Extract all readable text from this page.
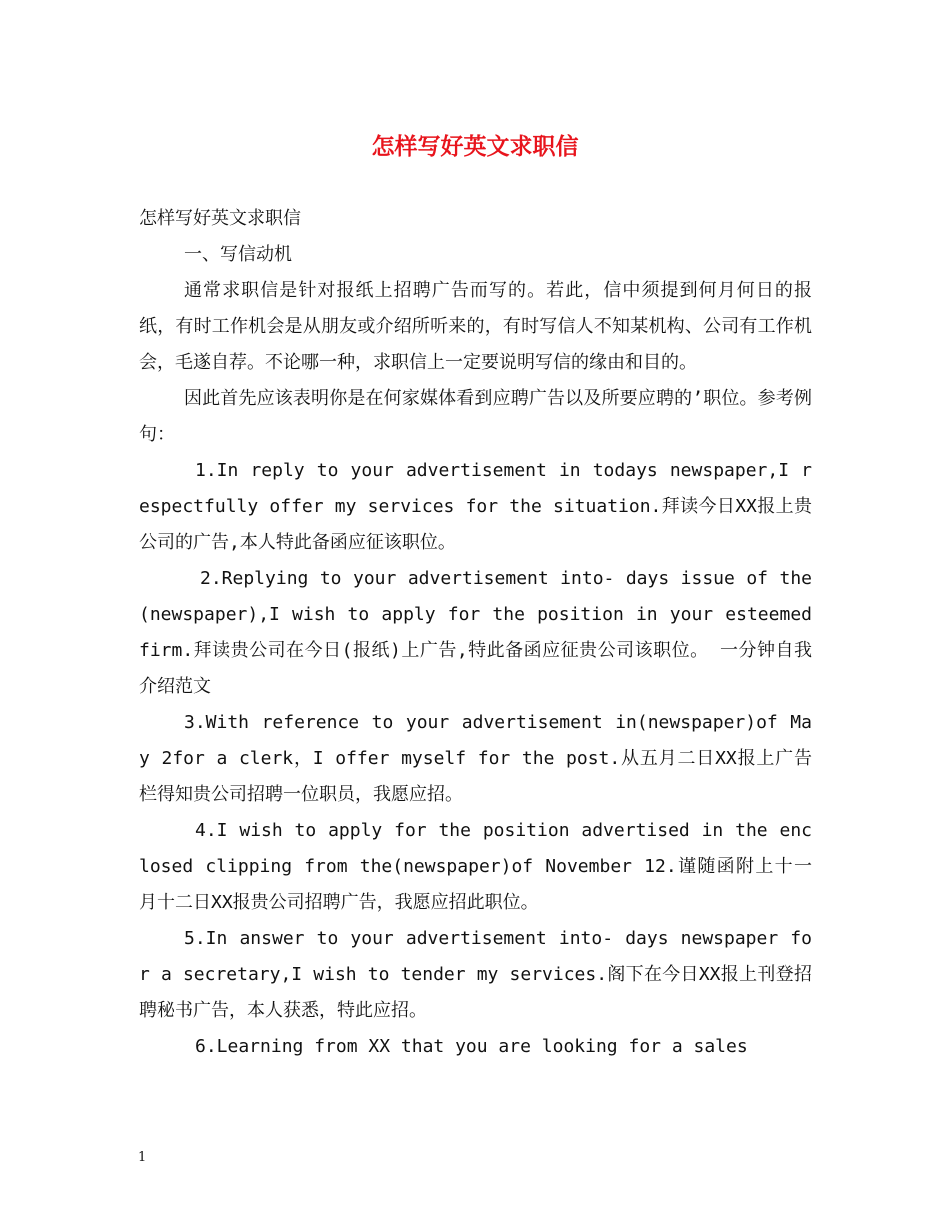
怎样写好英文求职信

怎样写好英文求职信

一、写信动机

通常求职信是针对报纸上招聘广告而写的。若此，信中须提到何月何日的报纸，有时工作机会是从朋友或介绍所听来的，有时写信人不知某机构、公司有工作机会，毛遂自荐。不论哪一种，求职信上一定要说明写信的缘由和目的。

因此首先应该表明你是在何家媒体看到应聘广告以及所要应聘的’职位。参考例句：

1.In reply to your advertisement in todays newspaper,I respectfully offer my services for the situation.拜读今日XX报上贵公司的广告,本人特此备函应征该职位。

2.Replying to your advertisement into- days issue of the(newspaper),I wish to apply for the position in your esteemed firm.拜读贵公司在今日(报纸)上广告,特此备函应征贵公司该职位。 一分钟自我介绍范文

3.With reference to your advertisement in(newspaper)of May 2for a clerk，I offer myself for the post.从五月二日XX报上广告栏得知贵公司招聘一位职员，我愿应招。

4.I wish to apply for the position advertised in the enclosed clipping from the(newspaper)of November 12.谨随函附上十一月十二日XX报贵公司招聘广告，我愿应招此职位。

5.In answer to your advertisement into- days newspaper for a secretary,I wish to tender my services.阁下在今日XX报上刊登招聘秘书广告，本人获悉，特此应招。

6.Learning from XX that you are looking for a sales

1
